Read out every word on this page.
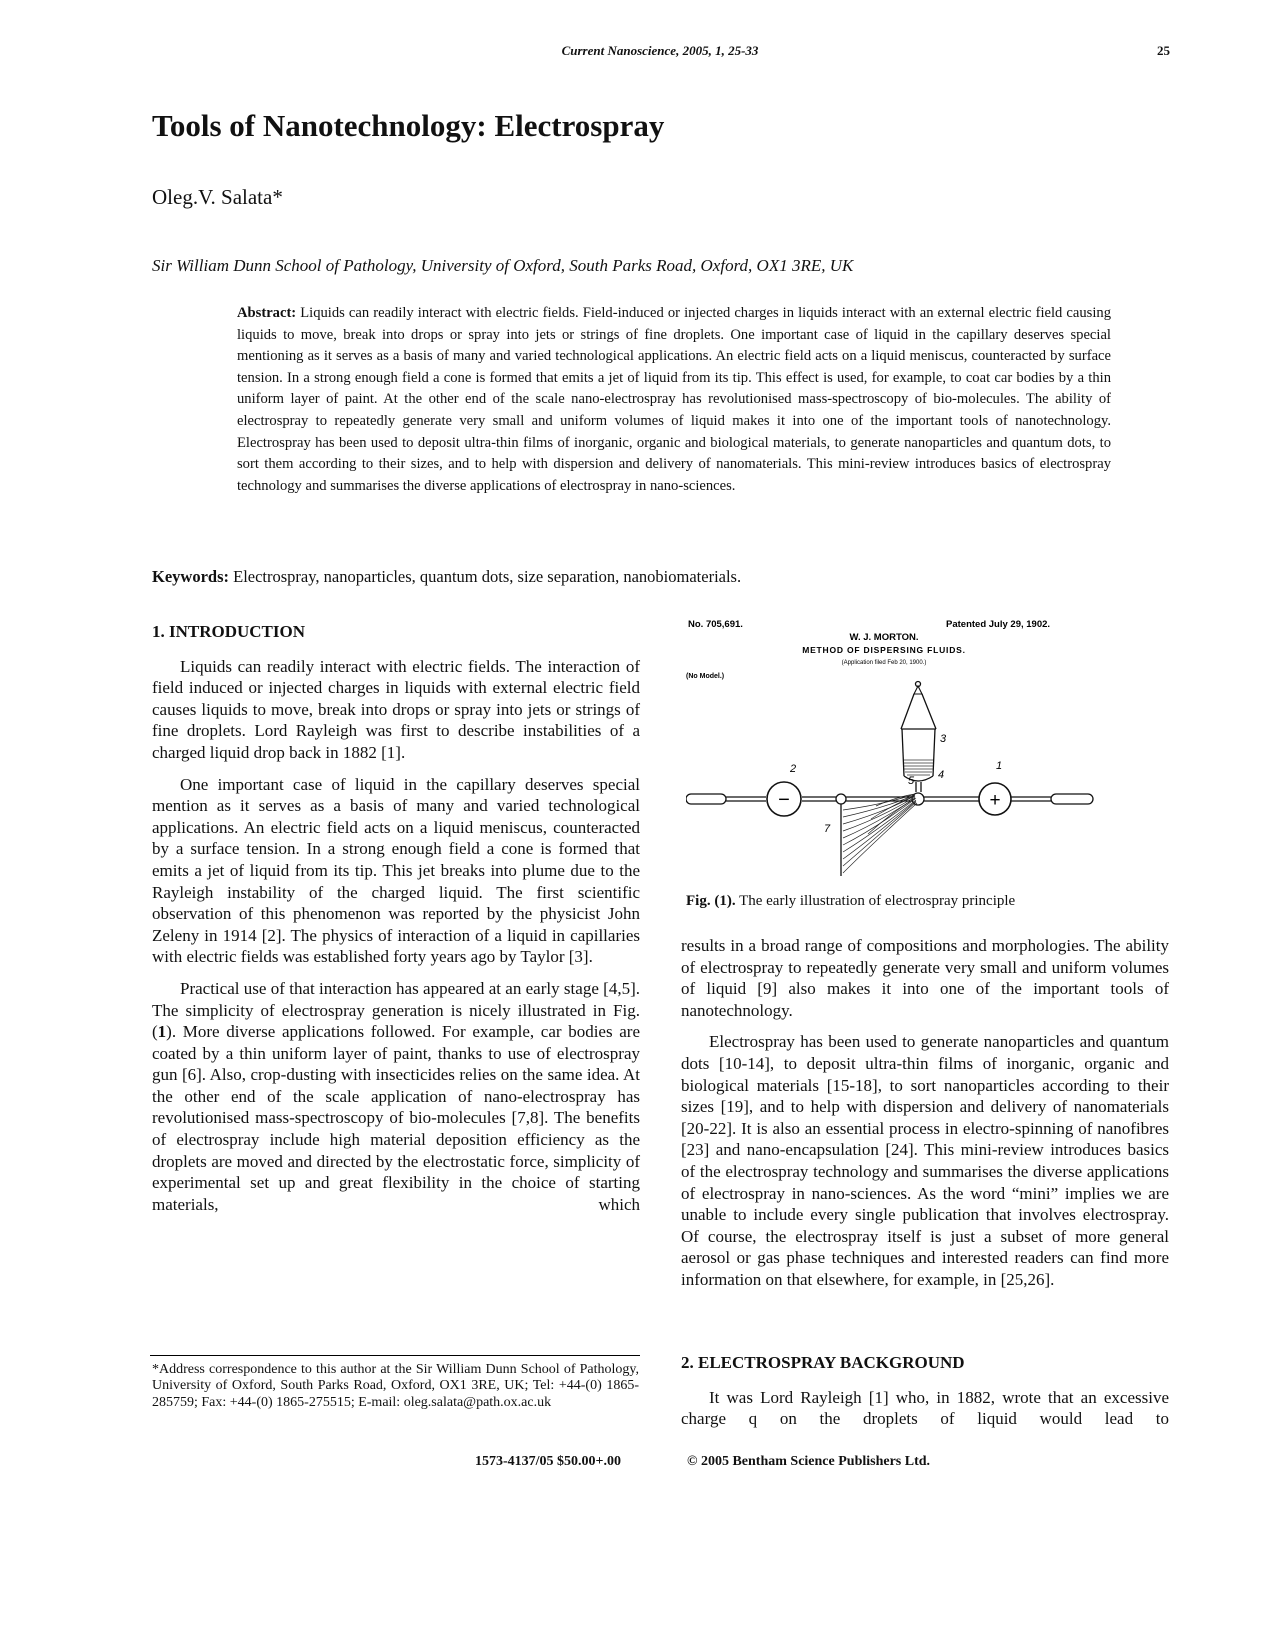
Current Nanoscience, 2005, 1, 25-33	25
Tools of Nanotechnology: Electrospray
Oleg.V. Salata*
Sir William Dunn School of Pathology, University of Oxford, South Parks Road, Oxford, OX1 3RE, UK

Abstract: Liquids can readily interact with electric fields. Field-induced or injected charges in liquids interact with an external electric field causing liquids to move, break into drops or spray into jets or strings of fine droplets. One important case of liquid in the capillary deserves special mentioning as it serves as a basis of many and varied technological applications. An electric field acts on a liquid meniscus, counteracted by surface tension. In a strong enough field a cone is formed that emits a jet of liquid from its tip. This effect is used, for example, to coat car bodies by a thin uniform layer of paint. At the other end of the scale nano-electrospray has revolutionised mass-spectroscopy of bio-molecules. The ability of electrospray to repeatedly generate very small and uniform volumes of liquid makes it into one of the important tools of nanotechnology. Electrospray has been used to deposit ultra-thin films of inorganic, organic and biological materials, to generate nanoparticles and quantum dots, to sort them according to their sizes, and to help with dispersion and delivery of nanomaterials. This mini-review introduces basics of electrospray technology and summarises the diverse applications of electrospray in nano-sciences.

Keywords: Electrospray, nanoparticles, quantum dots, size separation, nanobiomaterials.
1. INTRODUCTION

Liquids can readily interact with electric fields. The interaction of field induced or injected charges in liquids with external electric field causes liquids to move, break into drops or spray into jets or strings of fine droplets. Lord Rayleigh was first to describe instabilities of a charged liquid drop back in 1882 [1].

One important case of liquid in the capillary deserves special mention as it serves as a basis of many and varied technological applications. An electric field acts on a liquid meniscus, counteracted by a surface tension. In a strong enough field a cone is formed that emits a jet of liquid from its tip. This jet breaks into plume due to the Rayleigh instability of the charged liquid. The first scientific observation of this phenomenon was reported by the physicist John Zeleny in 1914 [2]. The physics of interaction of a liquid in capillaries with electric fields was established forty years ago by Taylor [3].

Practical use of that interaction has appeared at an early stage [4,5]. The simplicity of electrospray generation is nicely illustrated in Fig. (1). More diverse applications followed. For example, car bodies are coated by a thin uniform layer of paint, thanks to use of electrospray gun [6]. Also, crop-dusting with insecticides relies on the same idea. At the other end of the scale application of nano-electrospray has revolutionised mass-spectroscopy of bio-molecules [7,8]. The benefits of electrospray include high material deposition efficiency as the droplets are moved and directed by the electrostatic force, simplicity of experimental set up and great flexibility in the choice of starting materials, which

No. 705,691.	Patented July 29, 1902.
W. J. MORTON.
METHOD OF DISPERSING FLUIDS.
(Application filed Feb 20, 1900.)
(No Model.)
−	+
1
2
3
4
5
7
Fig. (1). The early illustration of electrospray principle

results in a broad range of compositions and morphologies. The ability of electrospray to repeatedly generate very small and uniform volumes of liquid [9] also makes it into one of the important tools of nanotechnology.

Electrospray has been used to generate nanoparticles and quantum dots [10-14], to deposit ultra-thin films of inorganic, organic and biological materials [15-18], to sort nanoparticles according to their sizes [19], and to help with dispersion and delivery of nanomaterials [20-22]. It is also an essential process in electro-spinning of nanofibres [23] and nano-encapsulation [24]. This mini-review introduces basics of the electrospray technology and summarises the diverse applications of electrospray in nano-sciences. As the word “mini” implies we are unable to include every single publication that involves electrospray. Of course, the electrospray itself is just a subset of more general aerosol or gas phase techniques and interested readers can find more information on that elsewhere, for example, in [25,26].

2. ELECTROSPRAY BACKGROUND

It was Lord Rayleigh [1] who, in 1882, wrote that an excessive charge q on the droplets of liquid would lead to

*Address correspondence to this author at the Sir William Dunn School of Pathology, University of Oxford, South Parks Road, Oxford, OX1 3RE, UK; Tel: +44-(0) 1865-285759; Fax: +44-(0) 1865-275515; E-mail: oleg.salata@path.ox.ac.uk
1573-4137/05 $50.00+.00	© 2005 Bentham Science Publishers Ltd.
